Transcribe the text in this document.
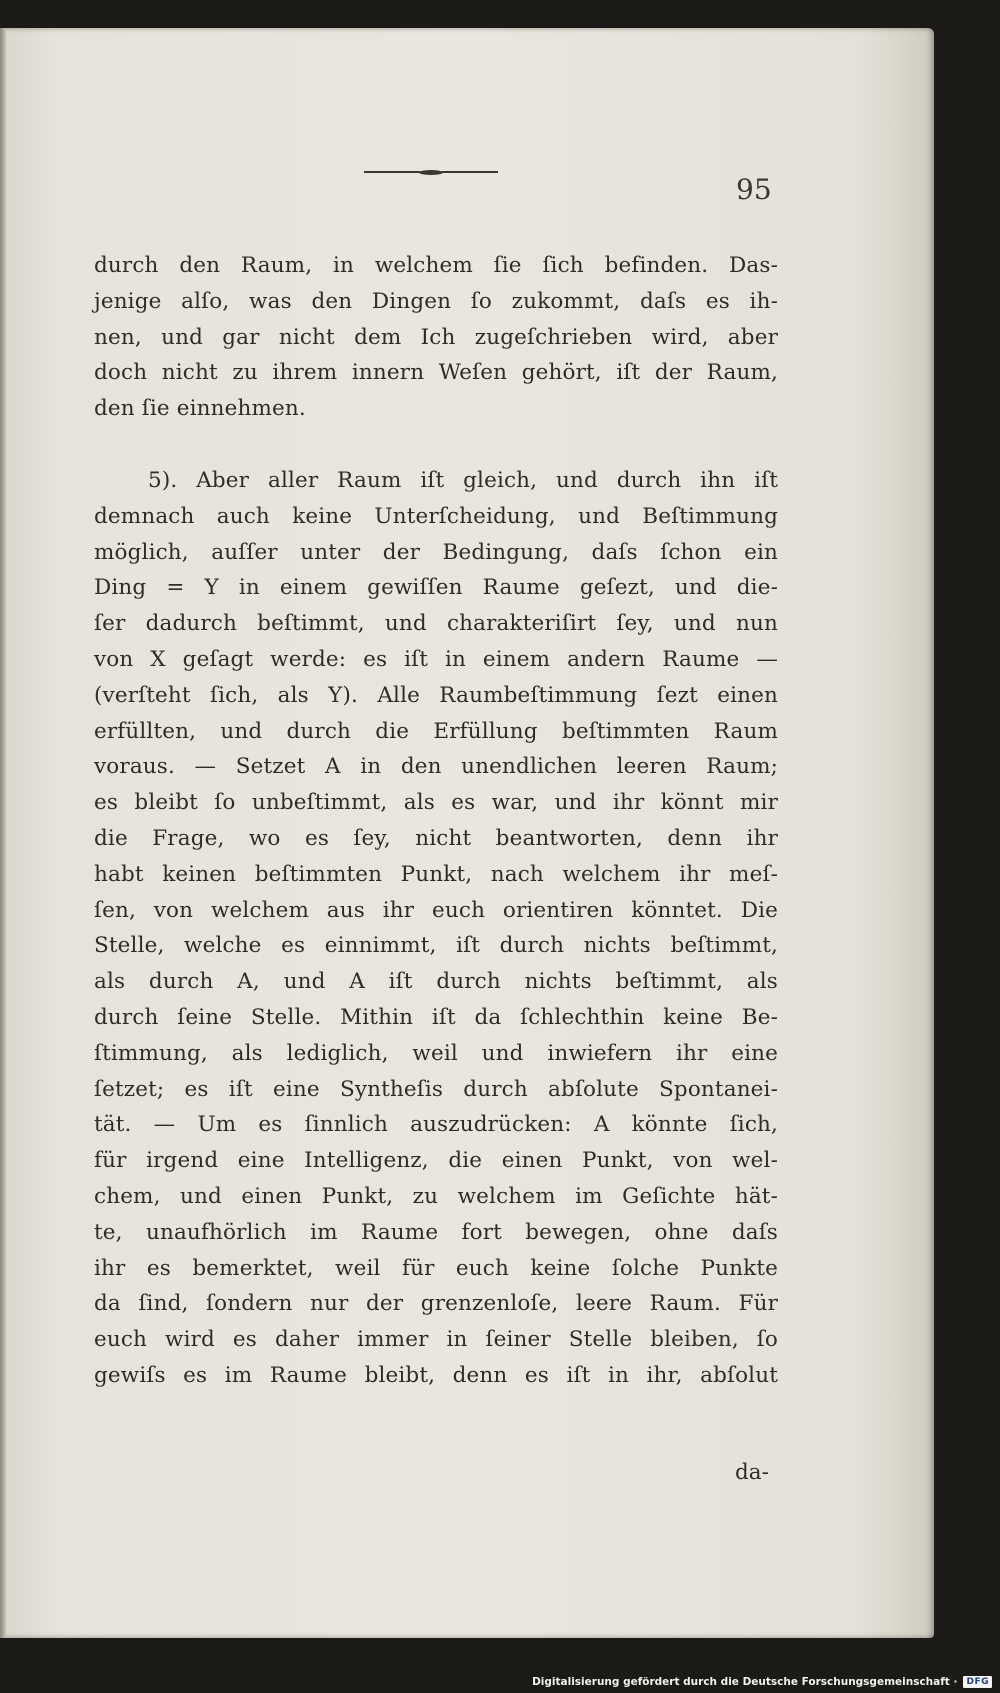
95
durch den Raum, in welchem ſie ſich befinden. Das-
jenige alſo, was den Dingen ſo zukommt, daſs es ih-
nen, und gar nicht dem Ich zugeſchrieben wird, aber
doch nicht zu ihrem innern Weſen gehört, iſt der Raum,
den ſie einnehmen.
5). Aber aller Raum iſt gleich, und durch ihn iſt
demnach auch keine Unterſcheidung, und Beſtimmung
möglich, auſſer unter der Bedingung, daſs ſchon ein
Ding = Y in einem gewiſſen Raume geſezt, und die-
ſer dadurch beſtimmt, und charakteriſirt ſey, und nun
von X geſagt werde: es iſt in einem andern Raume —
(verſteht ſich, als Y). Alle Raumbeſtimmung ſezt einen
erfüllten, und durch die Erfüllung beſtimmten Raum
voraus. — Setzet A in den unendlichen leeren Raum;
es bleibt ſo unbeſtimmt, als es war, und ihr könnt mir
die Frage, wo es ſey, nicht beantworten, denn ihr
habt keinen beſtimmten Punkt, nach welchem ihr meſ-
ſen, von welchem aus ihr euch orientiren könntet. Die
Stelle, welche es einnimmt, iſt durch nichts beſtimmt,
als durch A, und A iſt durch nichts beſtimmt, als
durch ſeine Stelle. Mithin iſt da ſchlechthin keine Be-
ſtimmung, als lediglich, weil und inwiefern ihr eine
ſetzet; es iſt eine Syntheſis durch abſolute Spontanei-
tät. — Um es ſinnlich auszudrücken: A könnte ſich,
für irgend eine Intelligenz, die einen Punkt, von wel-
chem, und einen Punkt, zu welchem im Geſichte hät-
te, unaufhörlich im Raume fort bewegen, ohne daſs
ihr es bemerktet, weil für euch keine ſolche Punkte
da ſind, ſondern nur der grenzenloſe, leere Raum. Für
euch wird es daher immer in ſeiner Stelle bleiben, ſo
gewiſs es im Raume bleibt, denn es iſt in ihr, abſolut
da-
Digitalisierung gefördert durch die Deutsche Forschungsgemeinschaft ·	DFG
